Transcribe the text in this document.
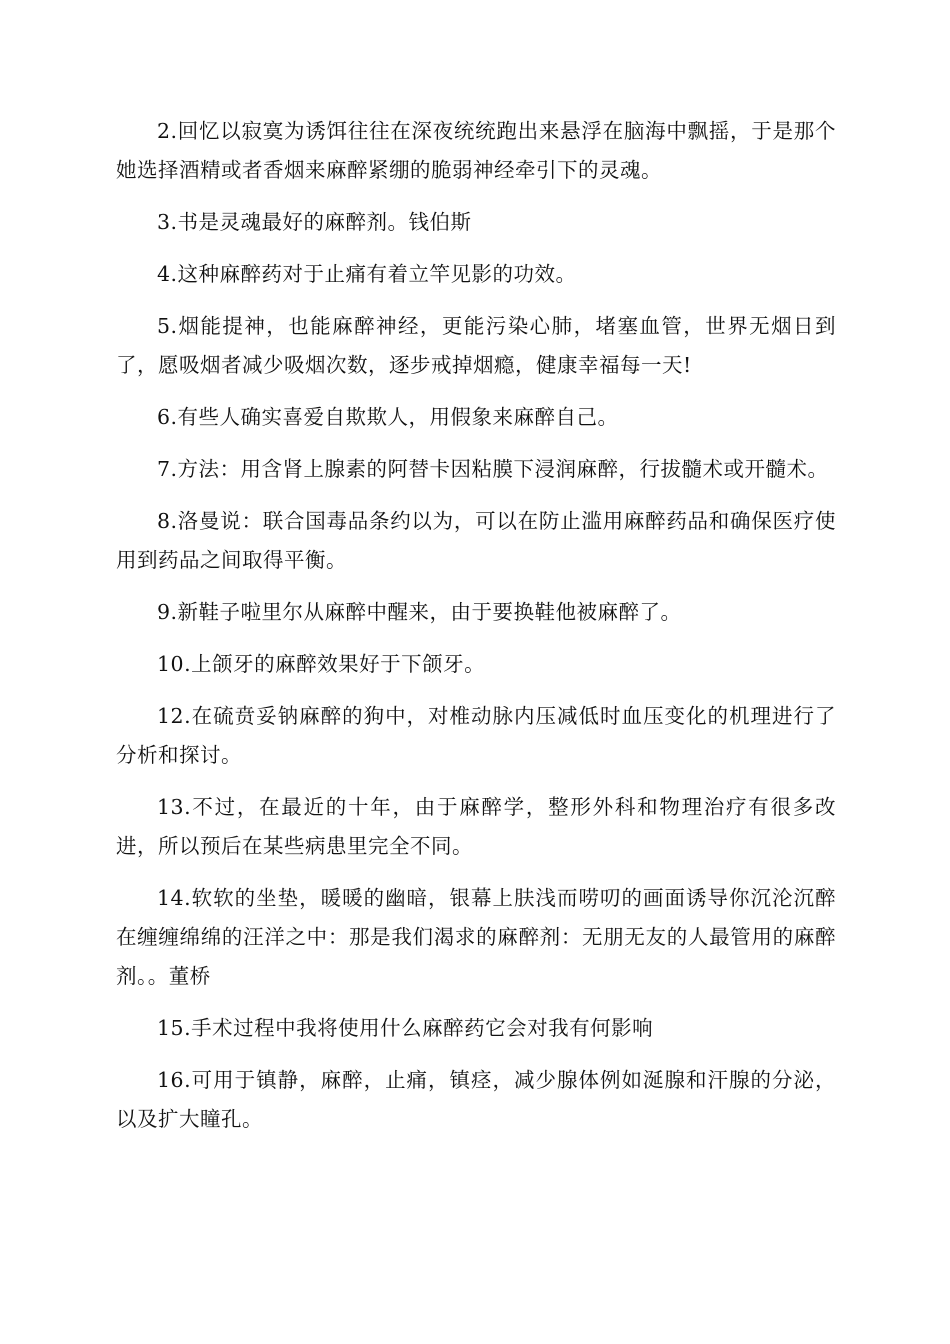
2.回忆以寂寞为诱饵往往在深夜统统跑出来悬浮在脑海中飘摇，于是那个她选择酒精或者香烟来麻醉紧绷的脆弱神经牵引下的灵魂。

3.书是灵魂最好的麻醉剂。钱伯斯

4.这种麻醉药对于止痛有着立竿见影的功效。

5.烟能提神，也能麻醉神经，更能污染心肺，堵塞血管，世界无烟日到了，愿吸烟者减少吸烟次数，逐步戒掉烟瘾，健康幸福每一天!

6.有些人确实喜爱自欺欺人，用假象来麻醉自己。

7.方法：用含肾上腺素的阿替卡因粘膜下浸润麻醉，行拔髓术或开髓术。

8.洛曼说：联合国毒品条约以为，可以在防止滥用麻醉药品和确保医疗使用到药品之间取得平衡。

9.新鞋子啦里尔从麻醉中醒来，由于要换鞋他被麻醉了。

10.上颌牙的麻醉效果好于下颌牙。

12.在硫贲妥钠麻醉的狗中，对椎动脉内压减低时血压变化的机理进行了分析和探讨。

13.不过，在最近的十年，由于麻醉学，整形外科和物理治疗有很多改进，所以预后在某些病患里完全不同。

14.软软的坐垫，暖暖的幽暗，银幕上肤浅而唠叨的画面诱导你沉沦沉醉在缠缠绵绵的汪洋之中：那是我们渴求的麻醉剂：无朋无友的人最管用的麻醉剂。。董桥

15.手术过程中我将使用什么麻醉药它会对我有何影响

16.可用于镇静，麻醉，止痛，镇痉，减少腺体例如涎腺和汗腺的分泌，以及扩大瞳孔。
